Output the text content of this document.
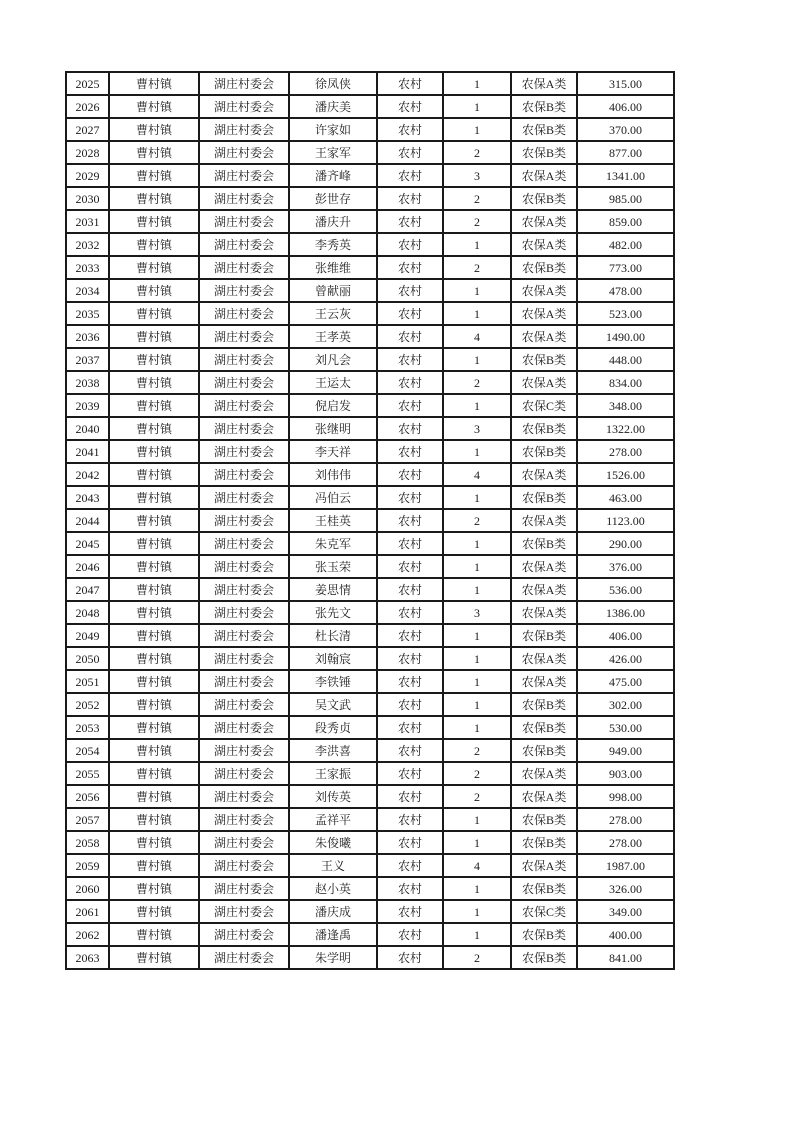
2025	曹村镇	湖庄村委会	徐凤侠	农村	1	农保A类	315.00
2026	曹村镇	湖庄村委会	潘庆美	农村	1	农保B类	406.00
2027	曹村镇	湖庄村委会	许家如	农村	1	农保B类	370.00
2028	曹村镇	湖庄村委会	王家军	农村	2	农保B类	877.00
2029	曹村镇	湖庄村委会	潘齐峰	农村	3	农保A类	1341.00
2030	曹村镇	湖庄村委会	彭世存	农村	2	农保B类	985.00
2031	曹村镇	湖庄村委会	潘庆升	农村	2	农保A类	859.00
2032	曹村镇	湖庄村委会	李秀英	农村	1	农保A类	482.00
2033	曹村镇	湖庄村委会	张维维	农村	2	农保B类	773.00
2034	曹村镇	湖庄村委会	曾献丽	农村	1	农保A类	478.00
2035	曹村镇	湖庄村委会	王云灰	农村	1	农保A类	523.00
2036	曹村镇	湖庄村委会	王孝英	农村	4	农保A类	1490.00
2037	曹村镇	湖庄村委会	刘凡会	农村	1	农保B类	448.00
2038	曹村镇	湖庄村委会	王运太	农村	2	农保A类	834.00
2039	曹村镇	湖庄村委会	倪启发	农村	1	农保C类	348.00
2040	曹村镇	湖庄村委会	张继明	农村	3	农保B类	1322.00
2041	曹村镇	湖庄村委会	李天祥	农村	1	农保B类	278.00
2042	曹村镇	湖庄村委会	刘伟伟	农村	4	农保A类	1526.00
2043	曹村镇	湖庄村委会	冯伯云	农村	1	农保B类	463.00
2044	曹村镇	湖庄村委会	王桂英	农村	2	农保A类	1123.00
2045	曹村镇	湖庄村委会	朱克军	农村	1	农保B类	290.00
2046	曹村镇	湖庄村委会	张玉荣	农村	1	农保A类	376.00
2047	曹村镇	湖庄村委会	姜思情	农村	1	农保A类	536.00
2048	曹村镇	湖庄村委会	张先文	农村	3	农保A类	1386.00
2049	曹村镇	湖庄村委会	杜长清	农村	1	农保B类	406.00
2050	曹村镇	湖庄村委会	刘翰宸	农村	1	农保A类	426.00
2051	曹村镇	湖庄村委会	李铁锤	农村	1	农保A类	475.00
2052	曹村镇	湖庄村委会	吴文武	农村	1	农保B类	302.00
2053	曹村镇	湖庄村委会	段秀贞	农村	1	农保B类	530.00
2054	曹村镇	湖庄村委会	李洪喜	农村	2	农保B类	949.00
2055	曹村镇	湖庄村委会	王家振	农村	2	农保A类	903.00
2056	曹村镇	湖庄村委会	刘传英	农村	2	农保A类	998.00
2057	曹村镇	湖庄村委会	孟祥平	农村	1	农保B类	278.00
2058	曹村镇	湖庄村委会	朱俊曦	农村	1	农保B类	278.00
2059	曹村镇	湖庄村委会	王义	农村	4	农保A类	1987.00
2060	曹村镇	湖庄村委会	赵小英	农村	1	农保B类	326.00
2061	曹村镇	湖庄村委会	潘庆成	农村	1	农保C类	349.00
2062	曹村镇	湖庄村委会	潘逢禹	农村	1	农保B类	400.00
2063	曹村镇	湖庄村委会	朱学明	农村	2	农保B类	841.00
